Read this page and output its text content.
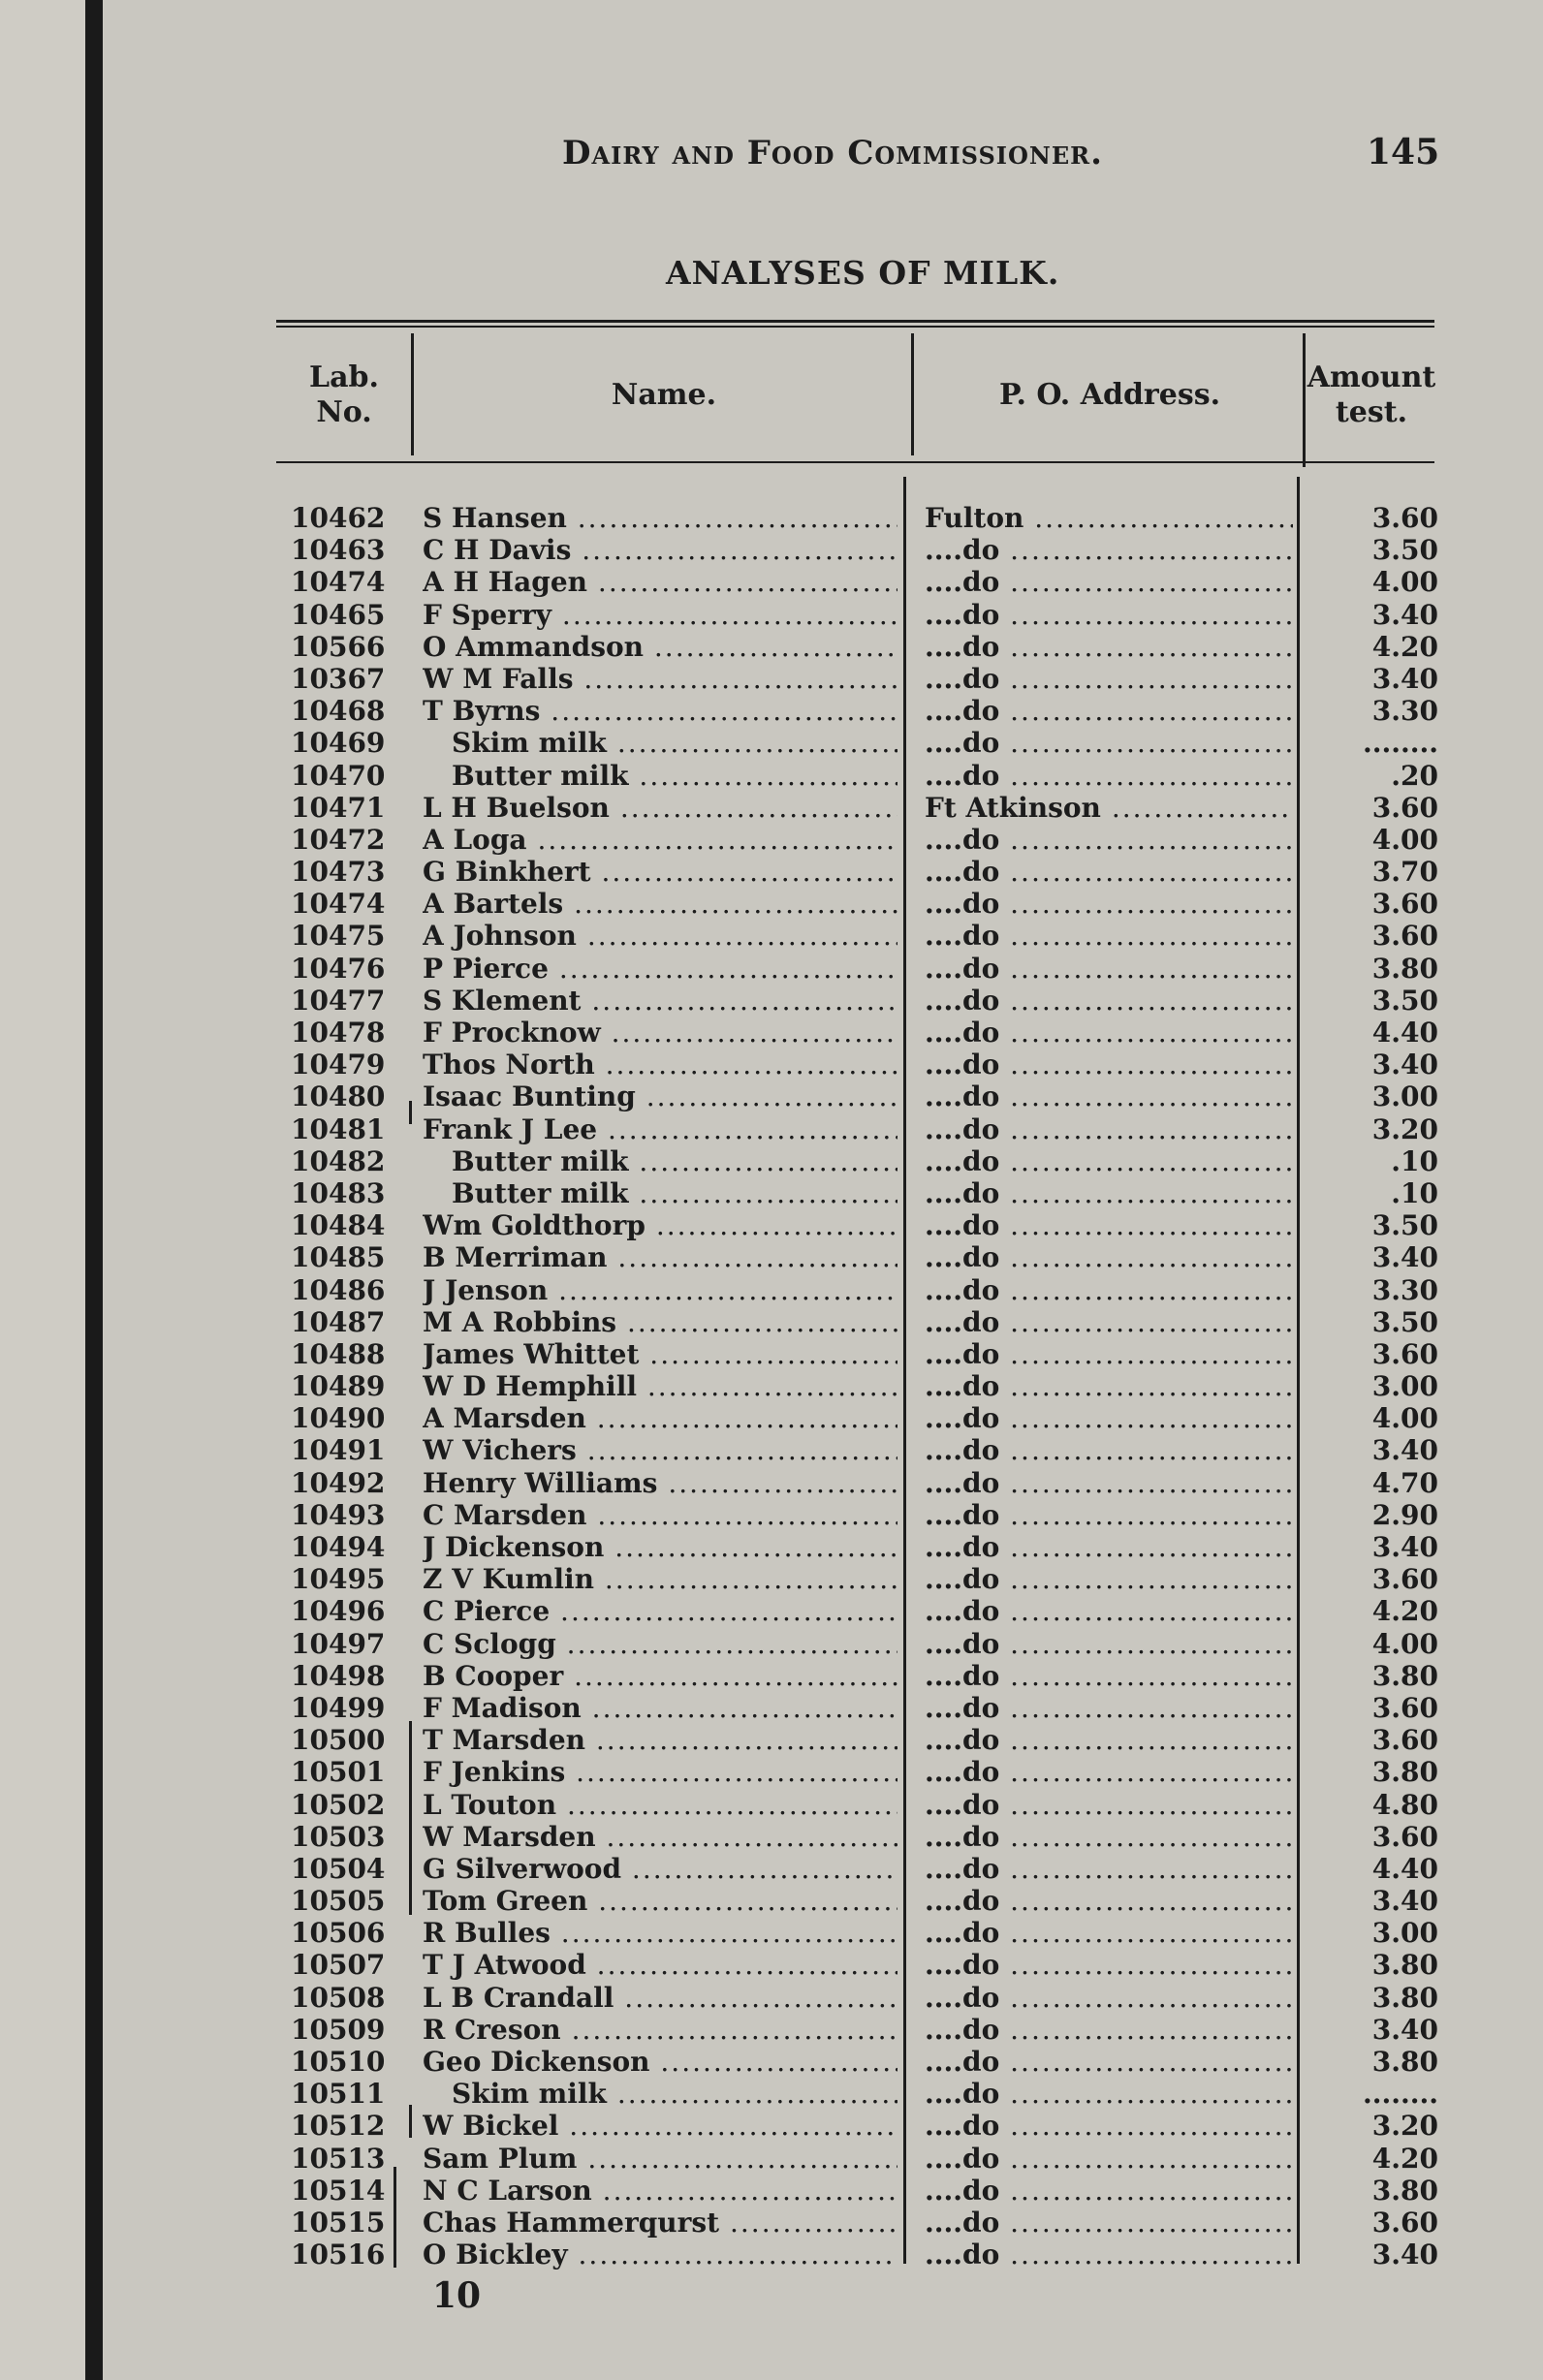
Dairy and Food Commissioner.	145
ANALYSES OF MILK.
Lab. No.
Name.	P. O. Address.
Amount test.
10462 S Hansen .....	Fulton .....	3.60
10463 C H Davis .....	....do .....	3.50
10474 A H Hagen .....	....do .....	4.00
10465 F Sperry .....	....do .....	3.40
10566 O Ammandson .....	....do .....	4.20
10367 W M Falls .....	....do .....	3.40
10468 T Byrns .....	....do .....	3.30
10469 Skim milk .....	....do .....	........
10470 Butter milk .....	....do .....	.20
10471 L H Buelson .....	Ft Atkinson .....	3.60
10472 A Loga .....	....do .....	4.00
10473 G Binkhert .....	....do .....	3.70
10474 A Bartels .....	....do .....	3.60
10475 A Johnson .....	....do .....	3.60
10476 P Pierce .....	....do .....	3.80
10477 S Klement .....	....do .....	3.50
10478 F Procknow .....	....do .....	4.40
10479 Thos North .....	....do .....	3.40
10480 Isaac Bunting .....	....do .....	3.00
10481 Frank J Lee .....	....do .....	3.20
10482 Butter milk .....	....do .....	.10
10483 Butter milk .....	....do .....	.10
10484 Wm Goldthorp .....	....do .....	3.50
10485 B Merriman .....	....do .....	3.40
10486 J Jenson .....	....do .....	3.30
10487 M A Robbins .....	....do .....	3.50
10488 James Whittet .....	....do .....	3.60
10489 W D Hemphill .....	....do .....	3.00
10490 A Marsden .....	....do .....	4.00
10491 W Vichers .....	....do .....	3.40
10492 Henry Williams .....	....do .....	4.70
10493 C Marsden .....	....do .....	2.90
10494 J Dickenson .....	....do .....	3.40
10495 Z V Kumlin .....	....do .....	3.60
10496 C Pierce .....	....do .....	4.20
10497 C Sclogg .....	....do .....	4.00
10498 B Cooper .....	....do .....	3.80
10499 F Madison .....	....do .....	3.60
10500 T Marsden .....	....do .....	3.60
10501 F Jenkins .....	....do .....	3.80
10502 L Touton .....	....do .....	4.80
10503 W Marsden .....	....do .....	3.60
10504 G Silverwood .....	....do .....	4.40
10505 Tom Green .....	....do .....	3.40
10506 R Bulles .....	....do .....	3.00
10507 T J Atwood .....	....do .....	3.80
10508 L B Crandall .....	....do .....	3.80
10509 R Creson .....	....do .....	3.40
10510 Geo Dickenson .....	....do .....	3.80
10511 Skim milk .....	....do .....	........
10512 W Bickel .....	....do .....	3.20
10513 Sam Plum .....	....do .....	4.20
10514 N C Larson .....	....do .....	3.80
10515 Chas Hammerqurst .....	....do .....	3.60
10516 O Bickley .....	....do .....	3.40
10
